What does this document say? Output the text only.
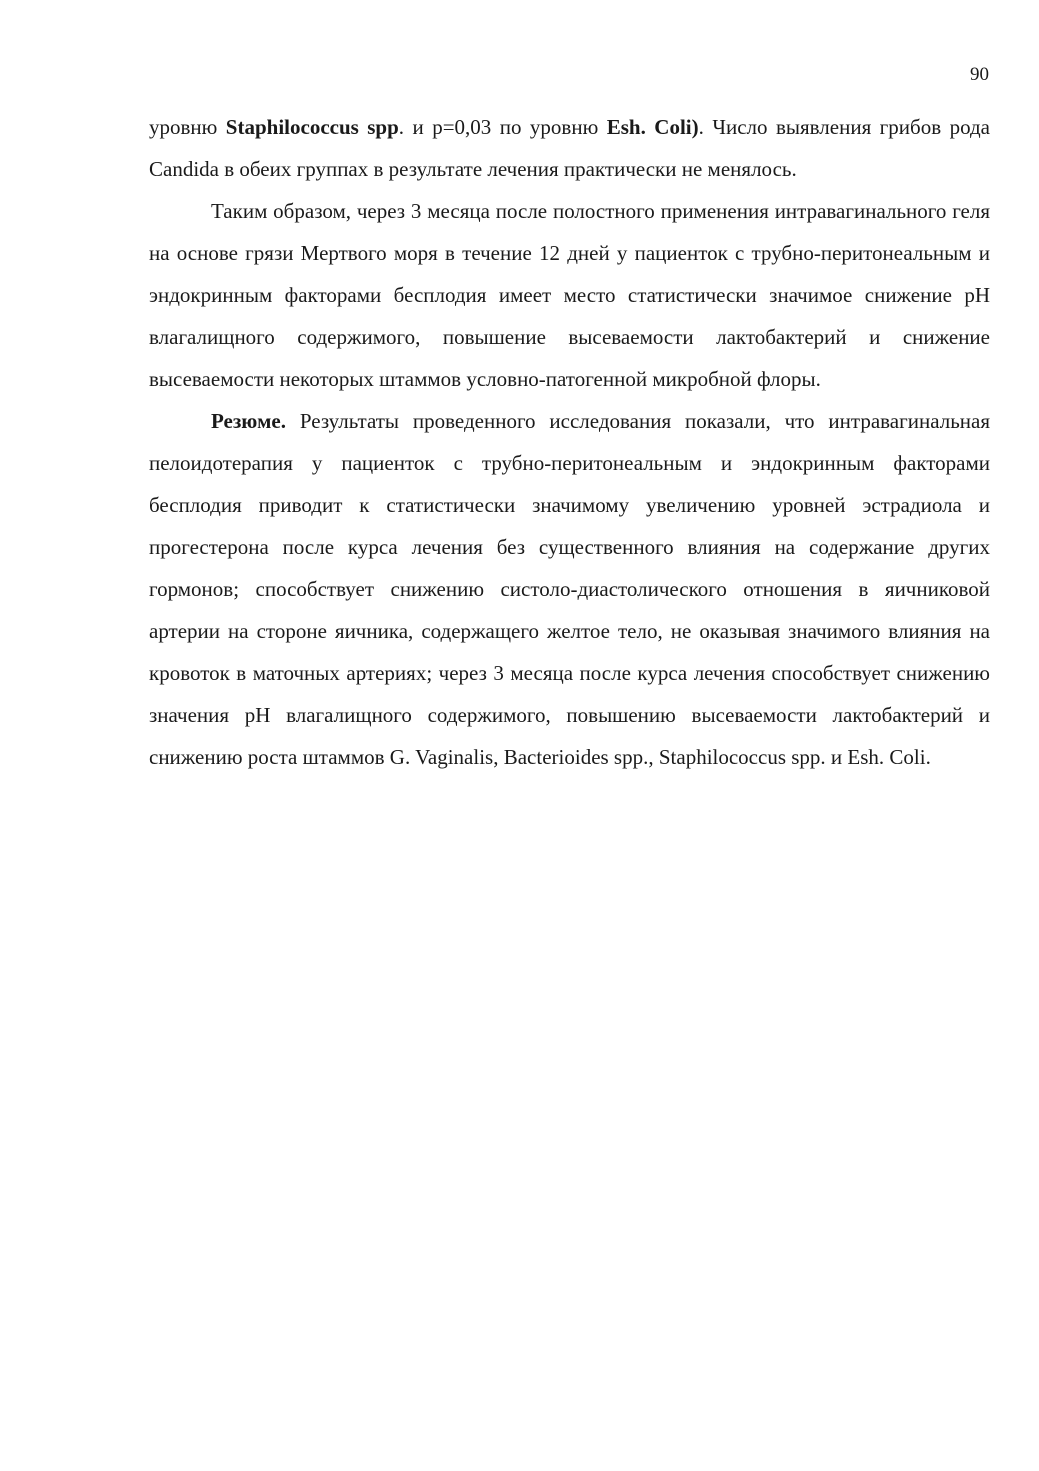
90

уровню Staphilococcus spp. и p=0,03 по уровню Esh. Coli). Число выявления грибов рода Candida в обеих группах в результате лечения практически не менялось.

Таким образом, через 3 месяца после полостного применения интравагинального геля на основе грязи Мертвого моря в течение 12 дней у пациенток с трубно-перитонеальным и эндокринным факторами бесплодия имеет место статистически значимое снижение pH влагалищного содержимого, повышение высеваемости лактобактерий и снижение высеваемости некоторых штаммов условно-патогенной микробной флоры.

Резюме. Результаты проведенного исследования показали, что интравагинальная пелоидотерапия у пациенток с трубно-перитонеальным и эндокринным факторами бесплодия приводит к статистически значимому увеличению уровней эстрадиола и прогестерона после курса лечения без существенного влияния на содержание других гормонов; способствует снижению систоло-диастолического отношения в яичниковой артерии на стороне яичника, содержащего желтое тело, не оказывая значимого влияния на кровоток в маточных артериях; через 3 месяца после курса лечения способствует снижению значения pH влагалищного содержимого, повышению высеваемости лактобактерий и снижению роста штаммов G. Vaginalis, Bacterioides spp., Staphilococcus spp. и Esh. Coli.
